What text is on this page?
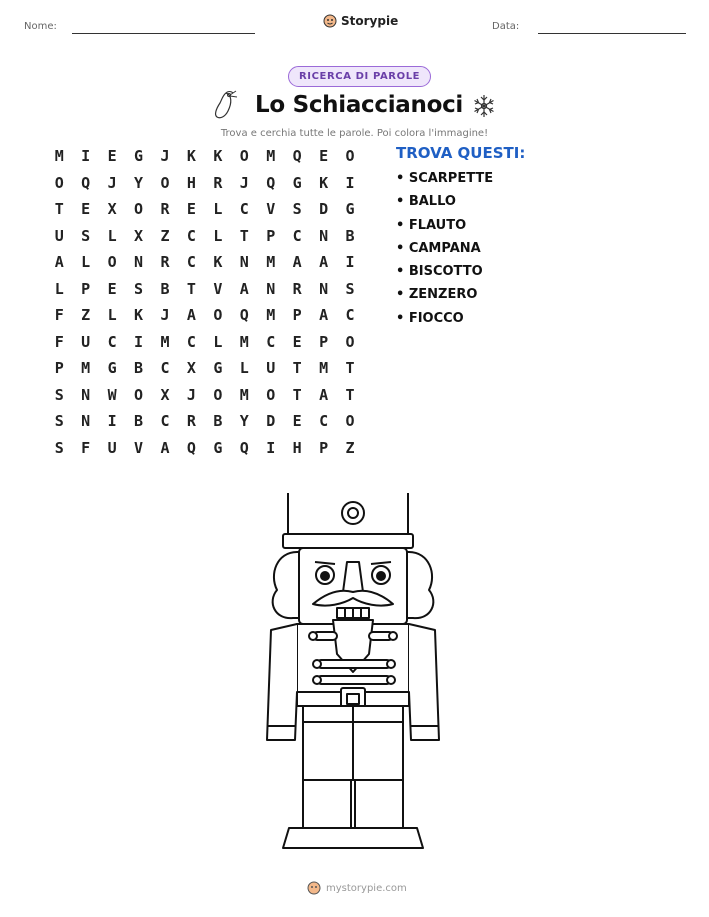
Nome:	Storypie	Data:
RICERCA DI PAROLE
Lo Schiaccianoci
Trova e cerchia tutte le parole. Poi colora l'immagine!
M	I	E	G	J	K	K	O	M	Q	E	O
O	Q	J	Y	O	H	R	J	Q	G	K	I
T	E	X	O	R	E	L	C	V	S	D	G
U	S	L	X	Z	C	L	T	P	C	N	B
A	L	O	N	R	C	K	N	M	A	A	I
L	P	E	S	B	T	V	A	N	R	N	S
F	Z	L	K	J	A	O	Q	M	P	A	C
F	U	C	I	M	C	L	M	C	E	P	O
P	M	G	B	C	X	G	L	U	T	M	T
S	N	W	O	X	J	O	M	O	T	A	T
S	N	I	B	C	R	B	Y	D	E	C	O
S	F	U	V	A	Q	G	Q	I	H	P	Z
TROVA QUESTI:
• SCARPETTE
• BALLO
• FLAUTO
• CAMPANA
• BISCOTTO
• ZENZERO
• FIOCCO
mystorypie.com
